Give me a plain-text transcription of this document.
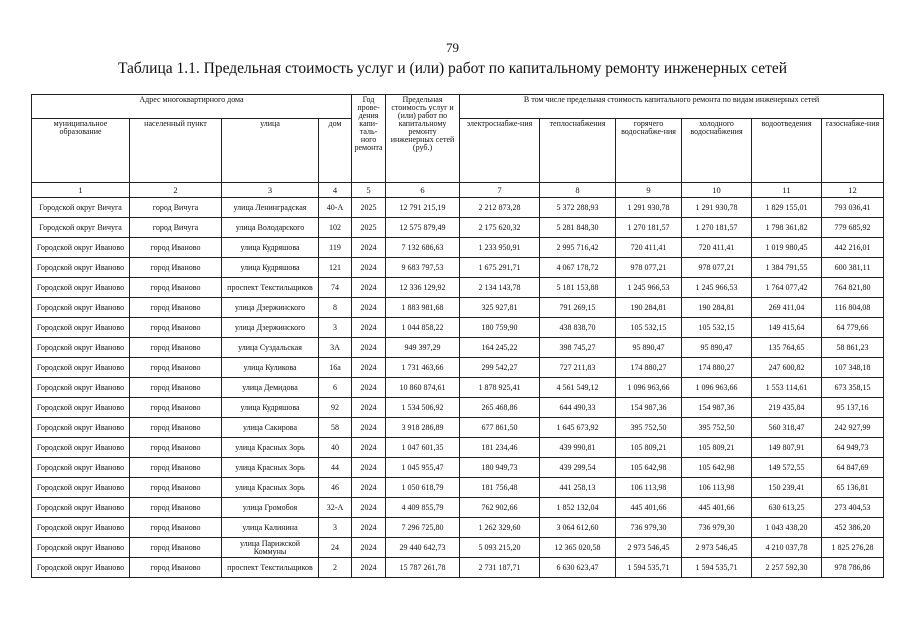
79
Таблица 1.1. Предельная стоимость услуг и (или) работ по капитальному ремонту инженерных сетей
Адрес многоквартирного дома				Год прове-дения капи-таль-ного ремонта	Предельная стоимость услуг и (или) работ по капитальному ремонту инженерных сетей (руб.)	В том числе предельная стоимость капитального ремонта по видам инженерных сетей					
муниципальное образование	населенный пункт	улица	дом			электроснабже-ния	теплоснабжения	горячего водоснабже-ния	холодного водоснабжения	водоотведения	газоснабже-ния
1	2	3	4	5	6	7	8	9	10	11	12
Городской округ Вичуга	город Вичуга	улица Ленинградская	40-А	2025	12 791 215,19	2 212 873,28	5 372 288,93	1 291 930,78	1 291 930,78	1 829 155,01	793 036,41
Городской округ Вичуга	город Вичуга	улица Володарского	102	2025	12 575 879,49	2 175 620,32	5 281 848,30	1 270 181,57	1 270 181,57	1 798 361,82	779 685,92
Городской округ Иваново	город Иваново	улица Кудряшова	119	2024	7 132 686,63	1 233 950,91	2 995 716,42	720 411,41	720 411,41	1 019 980,45	442 216,01
Городской округ Иваново	город Иваново	улица Кудряшова	121	2024	9 683 797,53	1 675 291,71	4 067 178,72	978 077,21	978 077,21	1 384 791,55	600 381,11
Городской округ Иваново	город Иваново	проспект Текстильщиков	74	2024	12 336 129,92	2 134 143,78	5 181 153,88	1 245 966,53	1 245 966,53	1 764 077,42	764 821,80
Городской округ Иваново	город Иваново	улица Дзержинского	8	2024	1 883 981,68	325 927,81	791 269,15	190 284,81	190 284,81	269 411,04	116 804,08
Городской округ Иваново	город Иваново	улица Дзержинского	3	2024	1 044 858,22	180 759,90	438 838,70	105 532,15	105 532,15	149 415,64	64 779,66
Городской округ Иваново	город Иваново	улица Суздальская	3А	2024	949 397,29	164 245,22	398 745,27	95 890,47	95 890,47	135 764,65	58 861,23
Городской округ Иваново	город Иваново	улица Куликова	16а	2024	1 731 463,66	299 542,27	727 211,83	174 880,27	174 880,27	247 600,82	107 348,18
Городской округ Иваново	город Иваново	улица Демидова	6	2024	10 860 874,61	1 878 925,41	4 561 549,12	1 096 963,66	1 096 963,66	1 553 114,61	673 358,15
Городской округ Иваново	город Иваново	улица Кудряшова	92	2024	1 534 506,92	265 468,86	644 490,33	154 987,36	154 987,36	219 435,84	95 137,16
Городской округ Иваново	город Иваново	улица Сакирова	58	2024	3 918 286,89	677 861,50	1 645 673,92	395 752,50	395 752,50	560 318,47	242 927,99
Городской округ Иваново	город Иваново	улица Красных Зорь	40	2024	1 047 601,35	181 234,46	439 990,81	105 809,21	105 809,21	149 807,91	64 949,73
Городской округ Иваново	город Иваново	улица Красных Зорь	44	2024	1 045 955,47	180 949,73	439 299,54	105 642,98	105 642,98	149 572,55	64 847,69
Городской округ Иваново	город Иваново	улица Красных Зорь	46	2024	1 050 618,79	181 756,48	441 258,13	106 113,98	106 113,98	150 239,41	65 136,81
Городской округ Иваново	город Иваново	улица Громобоя	32-А	2024	4 409 855,79	762 902,66	1 852 132,04	445 401,66	445 401,66	630 613,25	273 404,53
Городской округ Иваново	город Иваново	улица Калинина	3	2024	7 296 725,80	1 262 329,60	3 064 612,60	736 979,30	736 979,30	1 043 438,20	452 386,20
Городской округ Иваново	город Иваново	улица Парижской Коммуны	24	2024	29 440 642,73	5 093 215,20	12 365 020,58	2 973 546,45	2 973 546,45	4 210 037,78	1 825 276,28
Городской округ Иваново	город Иваново	проспект Текстильщиков	2	2024	15 787 261,78	2 731 187,71	6 630 623,47	1 594 535,71	1 594 535,71	2 257 592,30	978 786,86
